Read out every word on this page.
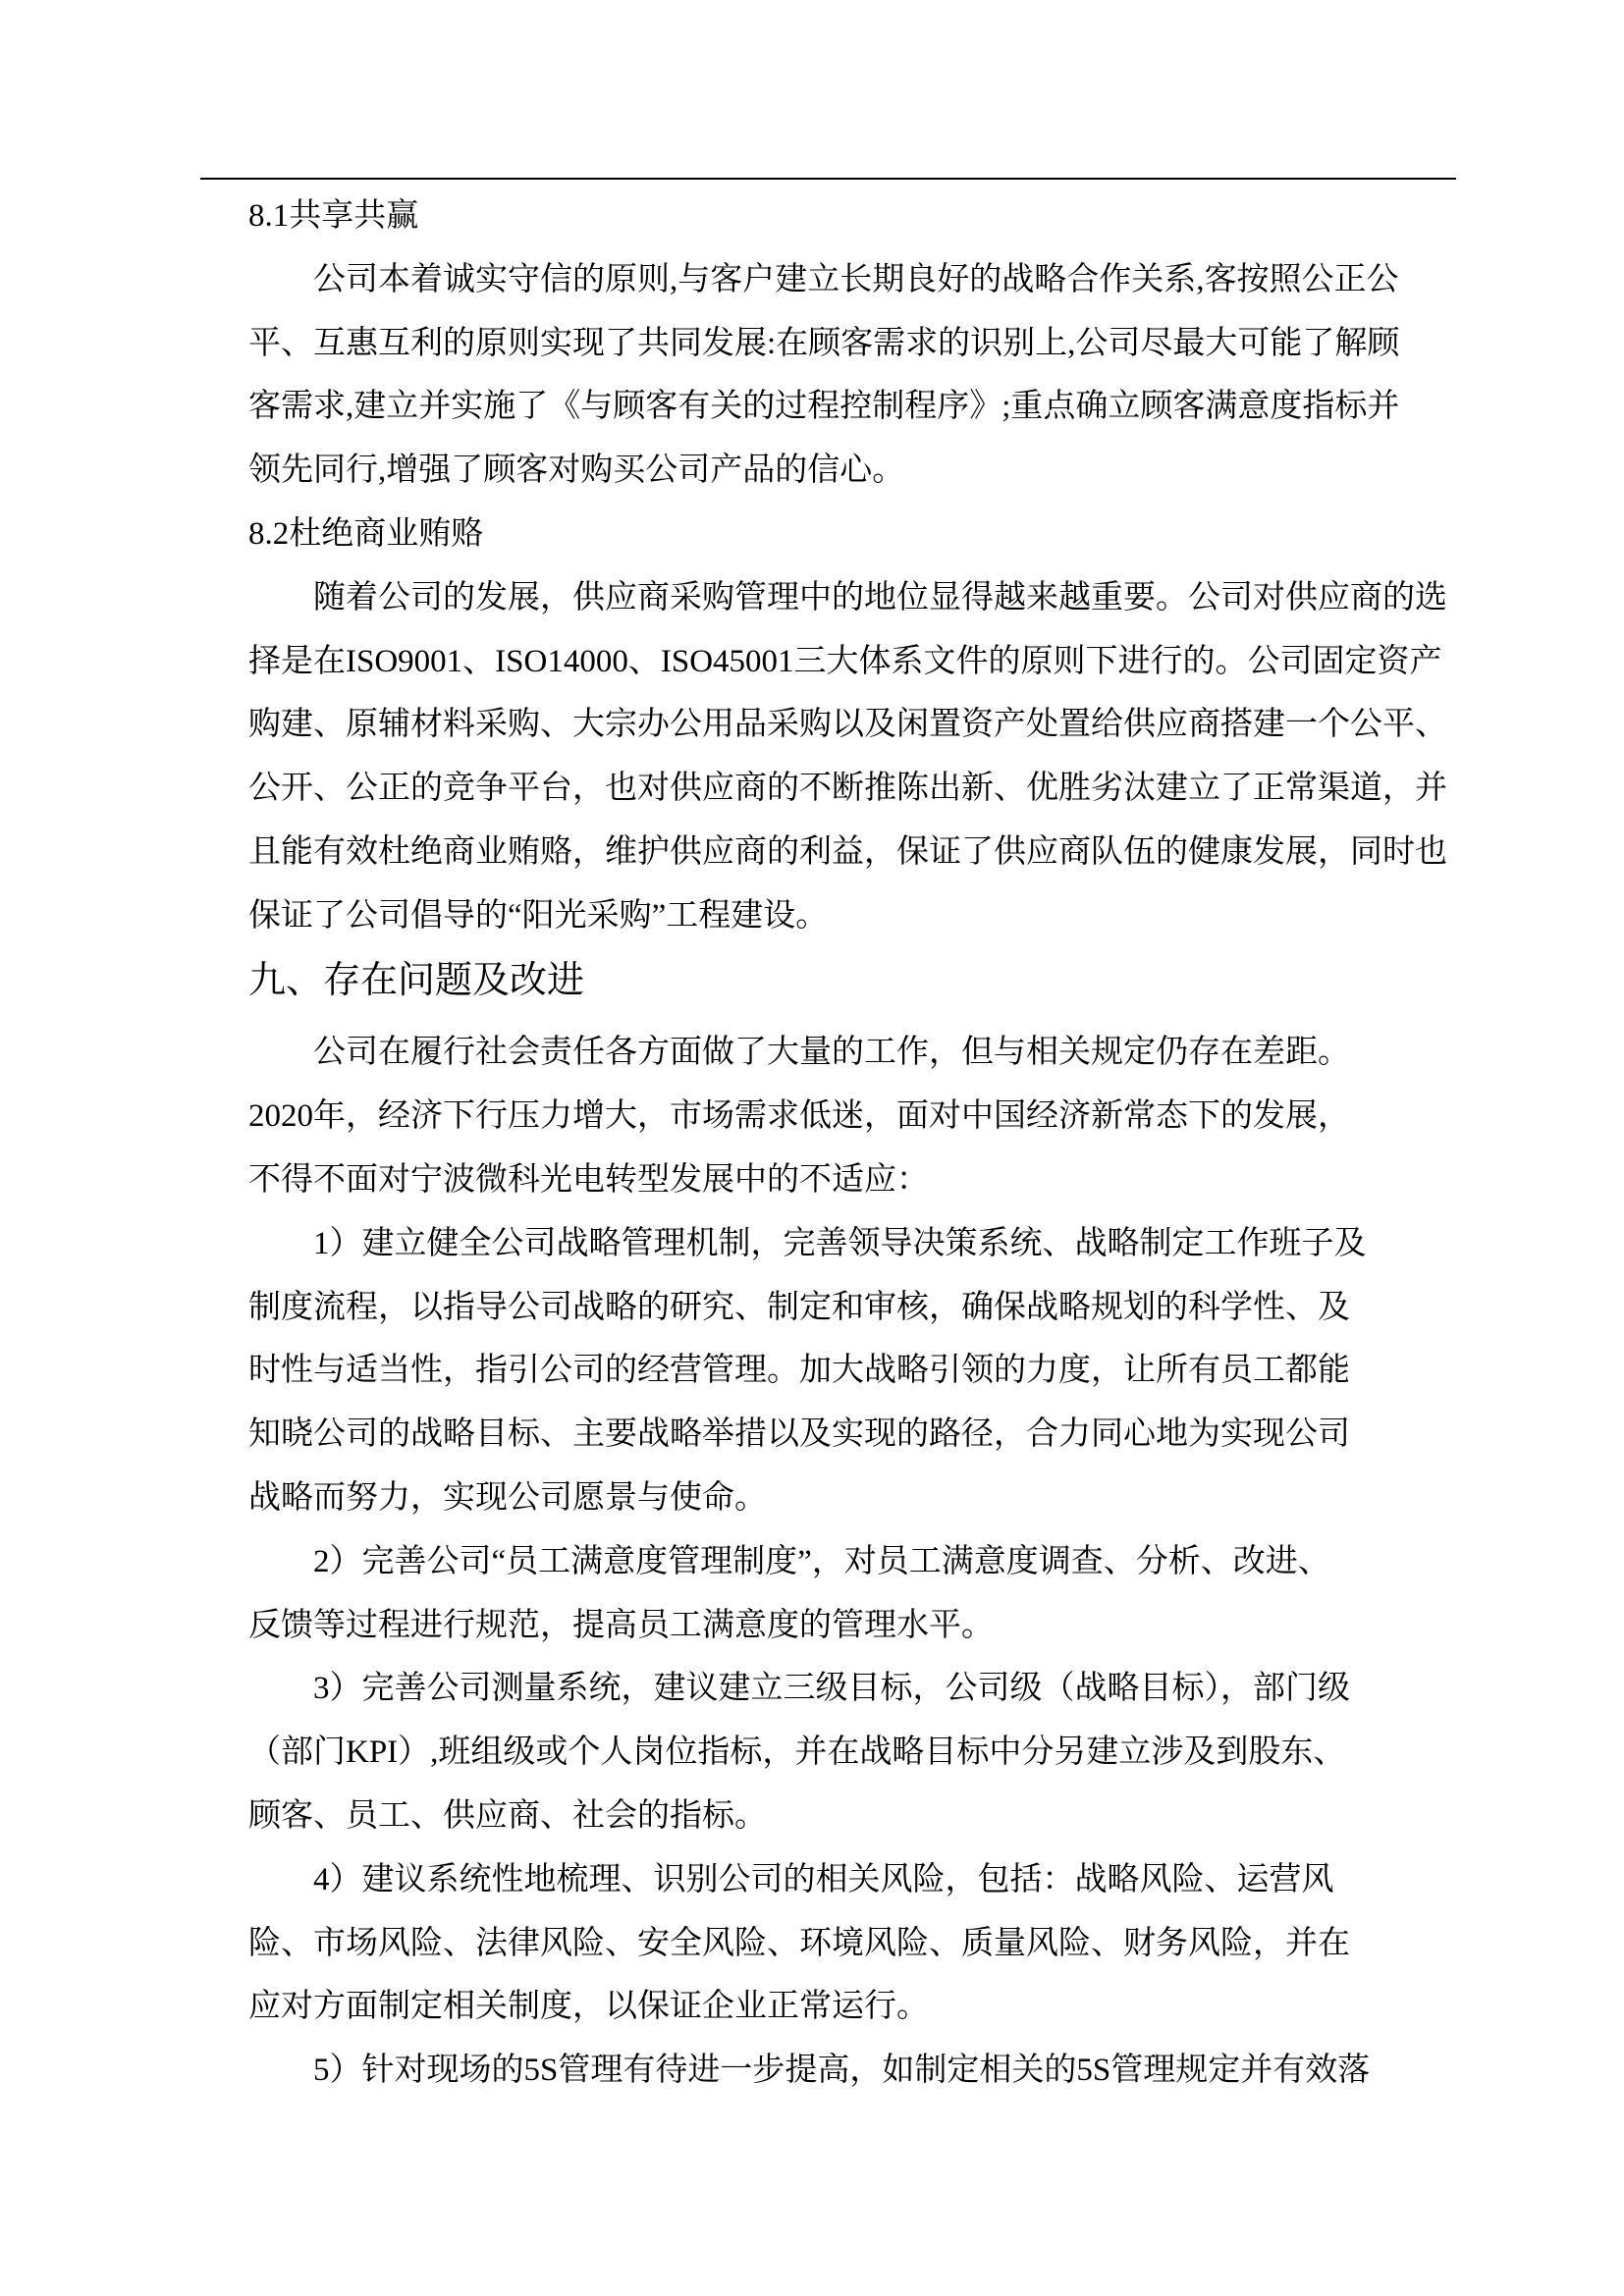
8.1共享共赢
公司本着诚实守信的原则,与客户建立长期良好的战略合作关系,客按照公正公
平、互惠互利的原则实现了共同发展:在顾客需求的识别上,公司尽最大可能了解顾
客需求,建立并实施了《与顾客有关的过程控制程序》;重点确立顾客满意度指标并
领先同行,增强了顾客对购买公司产品的信心。
8.2杜绝商业贿赂
随着公司的发展，供应商采购管理中的地位显得越来越重要。公司对供应商的选
择是在ISO9001、ISO14000、ISO45001三大体系文件的原则下进行的。公司固定资产
购建、原辅材料采购、大宗办公用品采购以及闲置资产处置给供应商搭建一个公平、
公开、公正的竞争平台，也对供应商的不断推陈出新、优胜劣汰建立了正常渠道，并
且能有效杜绝商业贿赂，维护供应商的利益，保证了供应商队伍的健康发展，同时也
保证了公司倡导的“阳光采购”工程建设。
九、存在问题及改进
公司在履行社会责任各方面做了大量的工作，但与相关规定仍存在差距。
2020年，经济下行压力增大，市场需求低迷，面对中国经济新常态下的发展，
不得不面对宁波微科光电转型发展中的不适应：
1）建立健全公司战略管理机制，完善领导决策系统、战略制定工作班子及
制度流程，以指导公司战略的研究、制定和审核，确保战略规划的科学性、及
时性与适当性，指引公司的经营管理。加大战略引领的力度，让所有员工都能
知晓公司的战略目标、主要战略举措以及实现的路径，合力同心地为实现公司
战略而努力，实现公司愿景与使命。
2）完善公司“员工满意度管理制度”，对员工满意度调查、分析、改进、
反馈等过程进行规范，提高员工满意度的管理水平。
3）完善公司测量系统，建议建立三级目标，公司级（战略目标），部门级
（部门KPI）,班组级或个人岗位指标，并在战略目标中分另建立涉及到股东、
顾客、员工、供应商、社会的指标。
4）建议系统性地梳理、识别公司的相关风险，包括：战略风险、运营风
险、市场风险、法律风险、安全风险、环境风险、质量风险、财务风险，并在
应对方面制定相关制度，以保证企业正常运行。
5）针对现场的5S管理有待进一步提高，如制定相关的5S管理规定并有效落
